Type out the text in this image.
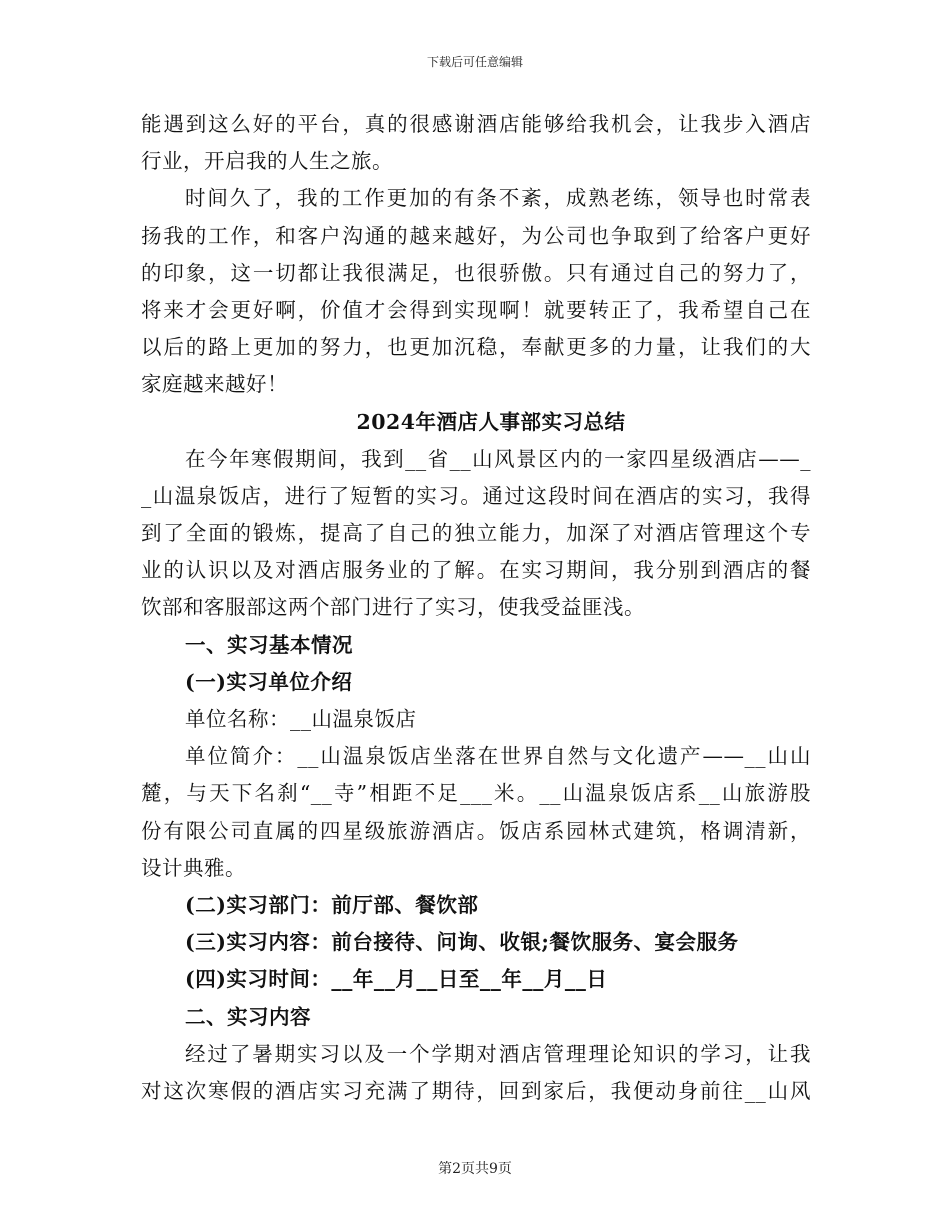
下载后可任意编辑
能遇到这么好的平台，真的很感谢酒店能够给我机会，让我步入酒店
行业，开启我的人生之旅。
时间久了，我的工作更加的有条不紊，成熟老练，领导也时常表
扬我的工作，和客户沟通的越来越好，为公司也争取到了给客户更好
的印象，这一切都让我很满足，也很骄傲。只有通过自己的努力了，
将来才会更好啊，价值才会得到实现啊！就要转正了，我希望自己在
以后的路上更加的努力，也更加沉稳，奉献更多的力量，让我们的大
家庭越来越好！
2024年酒店人事部实习总结
在今年寒假期间，我到__省__山风景区内的一家四星级酒店——_
_山温泉饭店，进行了短暂的实习。通过这段时间在酒店的实习，我得
到了全面的锻炼，提高了自己的独立能力，加深了对酒店管理这个专
业的认识以及对酒店服务业的了解。在实习期间，我分别到酒店的餐
饮部和客服部这两个部门进行了实习，使我受益匪浅。
一、实习基本情况
(一)实习单位介绍
单位名称：__山温泉饭店
单位简介：__山温泉饭店坐落在世界自然与文化遗产——__山山
麓，与天下名刹“__寺”相距不足___米。__山温泉饭店系__山旅游股
份有限公司直属的四星级旅游酒店。饭店系园林式建筑，格调清新，
设计典雅。
(二)实习部门：前厅部、餐饮部
(三)实习内容：前台接待、问询、收银;餐饮服务、宴会服务
(四)实习时间：__年__月__日至__年__月__日
二、实习内容
经过了暑期实习以及一个学期对酒店管理理论知识的学习，让我
对这次寒假的酒店实习充满了期待，回到家后，我便动身前往__山风
第2页共9页
